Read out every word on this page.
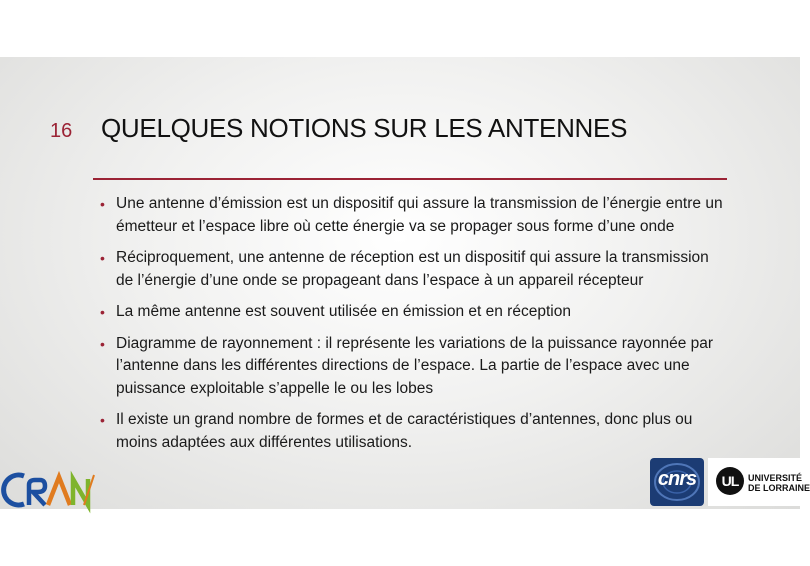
16 QUELQUES NOTIONS SUR LES ANTENNES
• Une antenne d’émission est un dispositif qui assure la transmission de l’énergie entre un émetteur et l’espace libre où cette énergie va se propager sous forme d’une onde
• Réciproquement, une antenne de réception est un dispositif qui assure la transmission de l’énergie d’une onde se propageant dans l’espace à un appareil récepteur
• La même antenne est souvent utilisée en émission et en réception
• Diagramme de rayonnement : il représente les variations de la puissance rayonnée par l’antenne dans les différentes directions de l’espace. La partie de l’espace avec une puissance exploitable s’appelle le ou les lobes
• Il existe un grand nombre de formes et de caractéristiques d’antennes, donc plus ou moins adaptées aux différentes utilisations.
cnrs	UL	UNIVERSITÉ
DE LORRAINE
